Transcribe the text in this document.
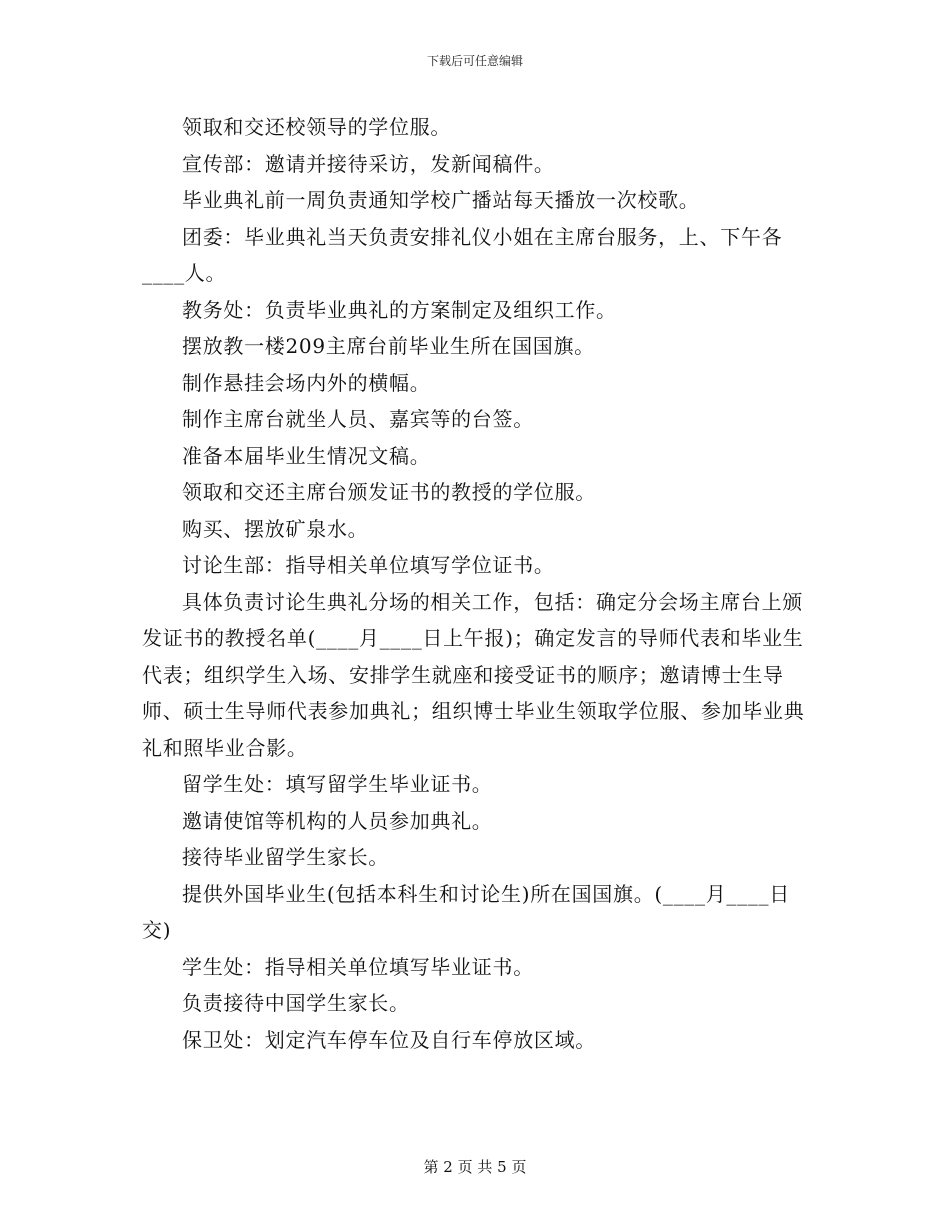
下载后可任意编辑

领取和交还校领导的学位服。

宣传部：邀请并接待采访，发新闻稿件。

毕业典礼前一周负责通知学校广播站每天播放一次校歌。

团委：毕业典礼当天负责安排礼仪小姐在主席台服务，上、下午各____人。

教务处：负责毕业典礼的方案制定及组织工作。

摆放教一楼209主席台前毕业生所在国国旗。

制作悬挂会场内外的横幅。

制作主席台就坐人员、嘉宾等的台签。

准备本届毕业生情况文稿。

领取和交还主席台颁发证书的教授的学位服。

购买、摆放矿泉水。

讨论生部：指导相关单位填写学位证书。

具体负责讨论生典礼分场的相关工作，包括：确定分会场主席台上颁发证书的教授名单(____月____日上午报)；确定发言的导师代表和毕业生代表；组织学生入场、安排学生就座和接受证书的顺序；邀请博士生导师、硕士生导师代表参加典礼；组织博士毕业生领取学位服、参加毕业典礼和照毕业合影。

留学生处：填写留学生毕业证书。

邀请使馆等机构的人员参加典礼。

接待毕业留学生家长。

提供外国毕业生(包括本科生和讨论生)所在国国旗。(____月____日交)

学生处：指导相关单位填写毕业证书。

负责接待中国学生家长。

保卫处：划定汽车停车位及自行车停放区域。

第 2 页 共 5 页
